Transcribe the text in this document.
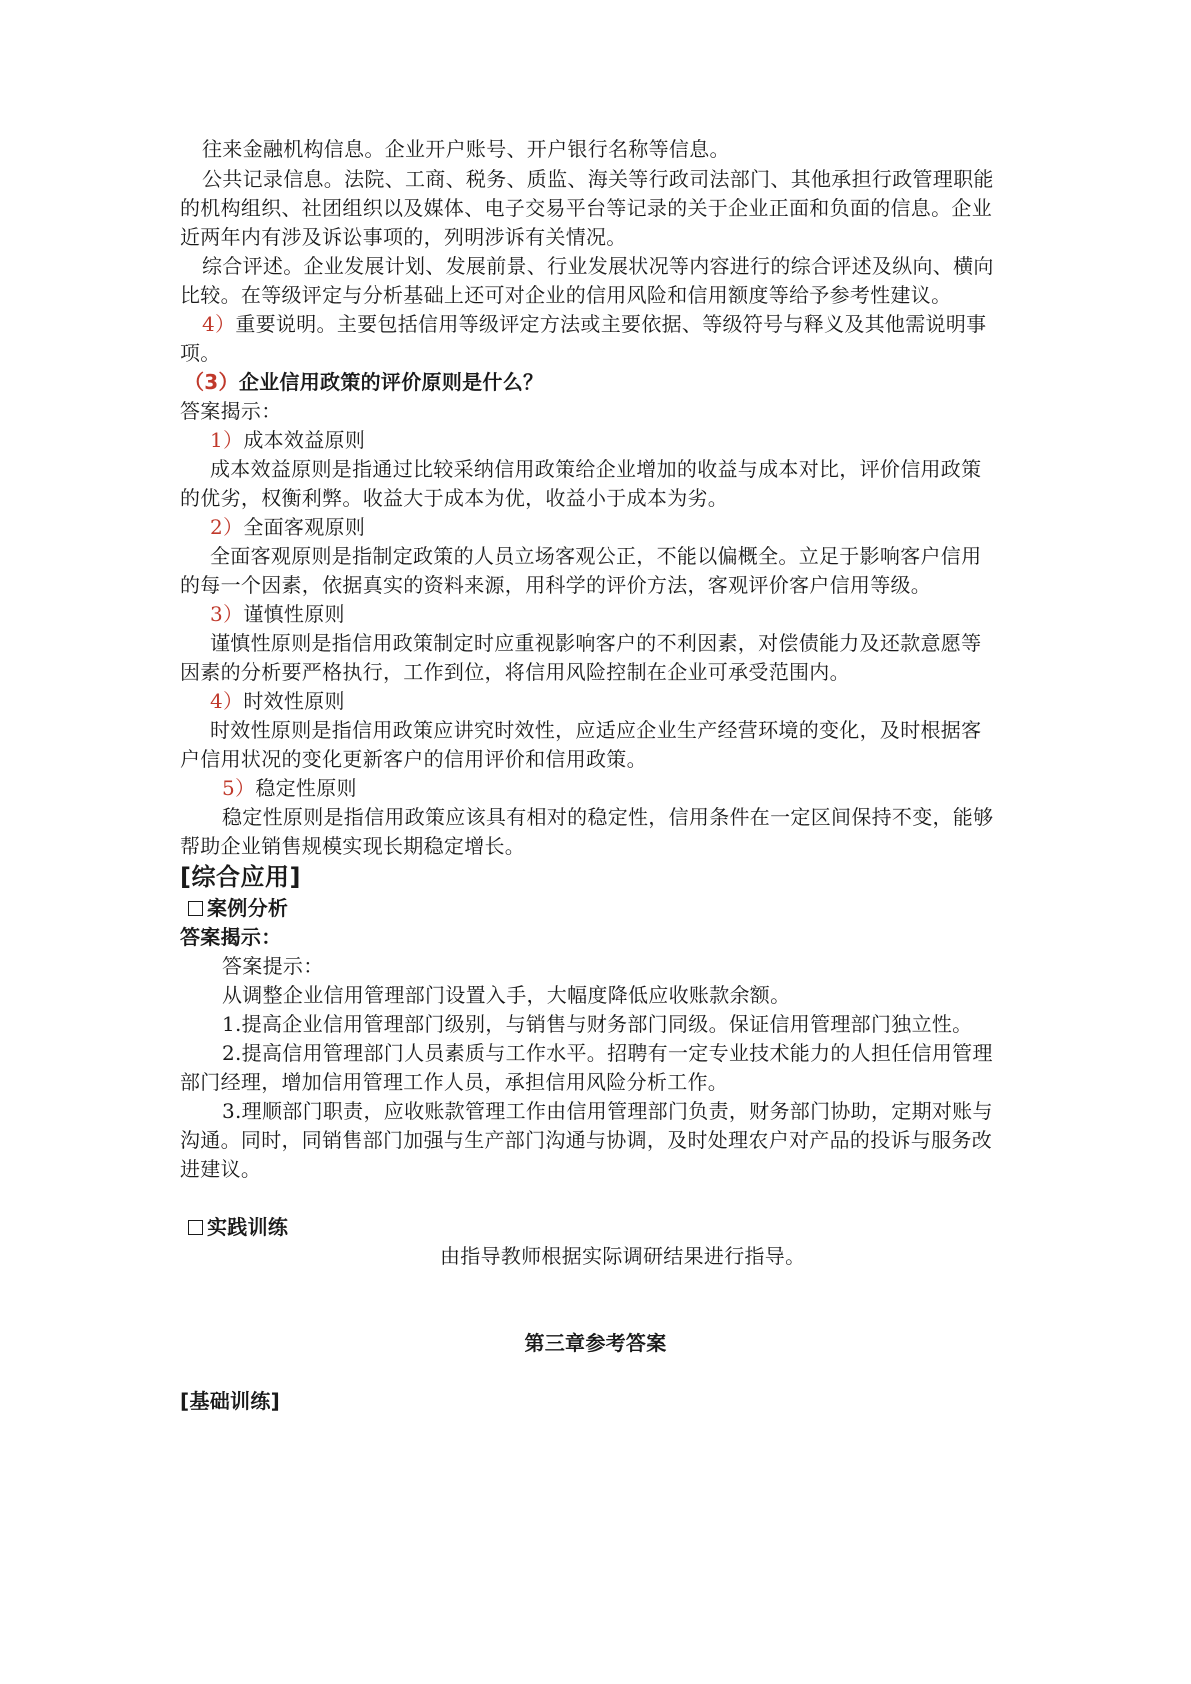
往来金融机构信息。企业开户账号、开户银行名称等信息。
公共记录信息。法院、工商、税务、质监、海关等行政司法部门、其他承担行政管理职能
的机构组织、社团组织以及媒体、电子交易平台等记录的关于企业正面和负面的信息。企业
近两年内有涉及诉讼事项的，列明涉诉有关情况。
综合评述。企业发展计划、发展前景、行业发展状况等内容进行的综合评述及纵向、横向
比较。在等级评定与分析基础上还可对企业的信用风险和信用额度等给予参考性建议。
4）重要说明。主要包括信用等级评定方法或主要依据、等级符号与释义及其他需说明事
项。
（3）企业信用政策的评价原则是什么？
答案揭示：
1）成本效益原则
成本效益原则是指通过比较采纳信用政策给企业增加的收益与成本对比，评价信用政策
的优劣，权衡利弊。收益大于成本为优，收益小于成本为劣。
2）全面客观原则
全面客观原则是指制定政策的人员立场客观公正，不能以偏概全。立足于影响客户信用
的每一个因素，依据真实的资料来源，用科学的评价方法，客观评价客户信用等级。
3）谨慎性原则
谨慎性原则是指信用政策制定时应重视影响客户的不利因素，对偿债能力及还款意愿等
因素的分析要严格执行，工作到位，将信用风险控制在企业可承受范围内。
4）时效性原则
时效性原则是指信用政策应讲究时效性，应适应企业生产经营环境的变化，及时根据客
户信用状况的变化更新客户的信用评价和信用政策。
5）稳定性原则
稳定性原则是指信用政策应该具有相对的稳定性，信用条件在一定区间保持不变，能够
帮助企业销售规模实现长期稳定增长。
[综合应用]
案例分析
答案揭示：
答案提示：
从调整企业信用管理部门设置入手，大幅度降低应收账款余额。
1.提高企业信用管理部门级别，与销售与财务部门同级。保证信用管理部门独立性。
2.提高信用管理部门人员素质与工作水平。招聘有一定专业技术能力的人担任信用管理
部门经理，增加信用管理工作人员，承担信用风险分析工作。
3.理顺部门职责，应收账款管理工作由信用管理部门负责，财务部门协助，定期对账与
沟通。同时，同销售部门加强与生产部门沟通与协调，及时处理农户对产品的投诉与服务改
进建议。
实践训练
由指导教师根据实际调研结果进行指导。
第三章参考答案
[基础训练]
